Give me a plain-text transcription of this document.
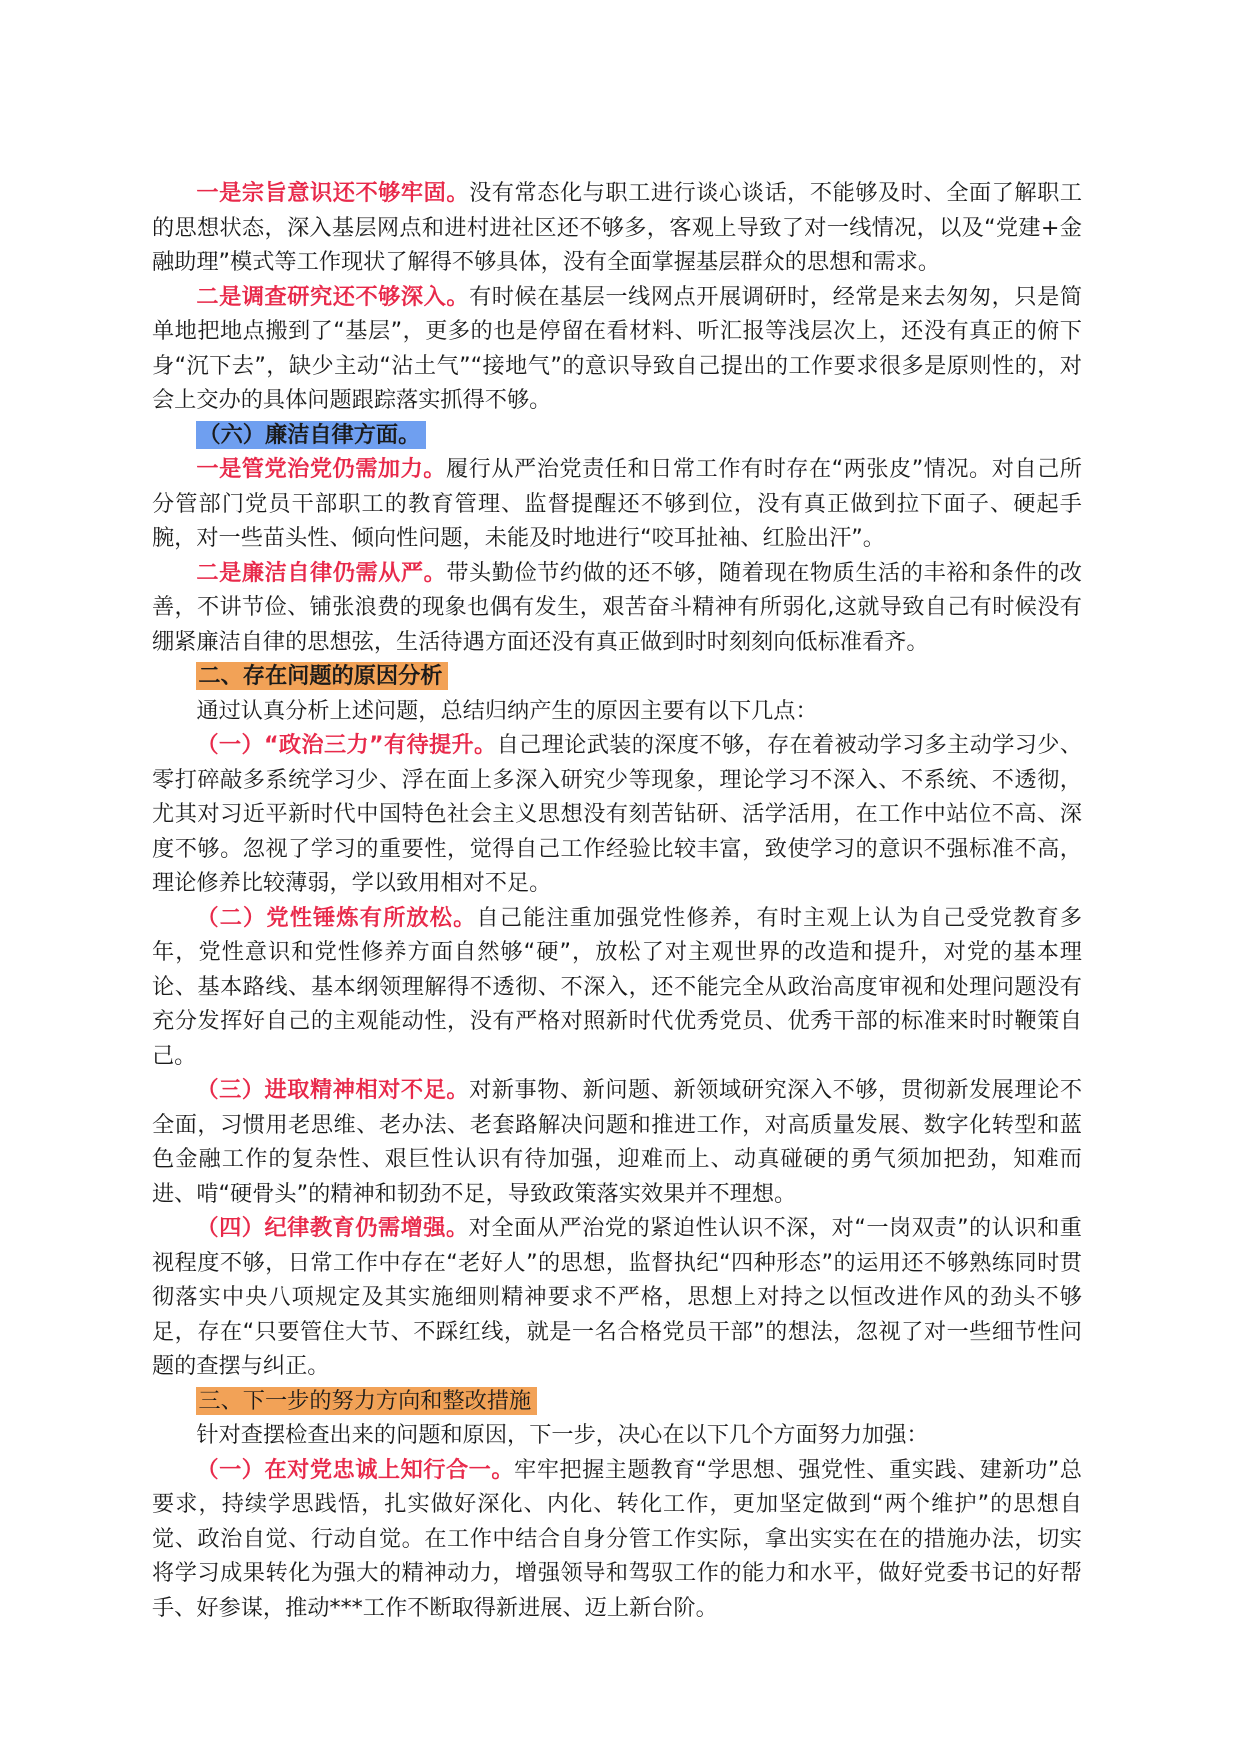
一是宗旨意识还不够牢固。没有常态化与职工进行谈心谈话，不能够及时、全面了解职工的思想状态，深入基层网点和进村进社区还不够多，客观上导致了对一线情况，以及“党建+金融助理”模式等工作现状了解得不够具体，没有全面掌握基层群众的思想和需求。

二是调查研究还不够深入。有时候在基层一线网点开展调研时，经常是来去匆匆，只是简单地把地点搬到了“基层”，更多的也是停留在看材料、听汇报等浅层次上，还没有真正的俯下身“沉下去”，缺少主动“沾土气”“接地气”的意识导致自己提出的工作要求很多是原则性的，对会上交办的具体问题跟踪落实抓得不够。

（六）廉洁自律方面。

一是管党治党仍需加力。履行从严治党责任和日常工作有时存在“两张皮”情况。对自己所分管部门党员干部职工的教育管理、监督提醒还不够到位，没有真正做到拉下面子、硬起手腕，对一些苗头性、倾向性问题，未能及时地进行“咬耳扯袖、红脸出汗”。

二是廉洁自律仍需从严。带头勤俭节约做的还不够，随着现在物质生活的丰裕和条件的改善，不讲节俭、铺张浪费的现象也偶有发生，艰苦奋斗精神有所弱化,这就导致自己有时候没有绷紧廉洁自律的思想弦，生活待遇方面还没有真正做到时时刻刻向低标准看齐。

二、存在问题的原因分析

通过认真分析上述问题，总结归纳产生的原因主要有以下几点：

（一）“政治三力”有待提升。自己理论武装的深度不够，存在着被动学习多主动学习少、零打碎敲多系统学习少、浮在面上多深入研究少等现象，理论学习不深入、不系统、不透彻，尤其对习近平新时代中国特色社会主义思想没有刻苦钻研、活学活用，在工作中站位不高、深度不够。忽视了学习的重要性，觉得自己工作经验比较丰富，致使学习的意识不强标准不高，理论修养比较薄弱，学以致用相对不足。

（二）党性锤炼有所放松。自己能注重加强党性修养，有时主观上认为自己受党教育多年，党性意识和党性修养方面自然够“硬”，放松了对主观世界的改造和提升，对党的基本理论、基本路线、基本纲领理解得不透彻、不深入，还不能完全从政治高度审视和处理问题没有充分发挥好自己的主观能动性，没有严格对照新时代优秀党员、优秀干部的标准来时时鞭策自己。

（三）进取精神相对不足。对新事物、新问题、新领域研究深入不够，贯彻新发展理论不全面，习惯用老思维、老办法、老套路解决问题和推进工作，对高质量发展、数字化转型和蓝色金融工作的复杂性、艰巨性认识有待加强，迎难而上、动真碰硬的勇气须加把劲，知难而进、啃“硬骨头”的精神和韧劲不足，导致政策落实效果并不理想。

（四）纪律教育仍需增强。对全面从严治党的紧迫性认识不深，对“一岗双责”的认识和重视程度不够，日常工作中存在“老好人”的思想，监督执纪“四种形态”的运用还不够熟练同时贯彻落实中央八项规定及其实施细则精神要求不严格，思想上对持之以恒改进作风的劲头不够足，存在“只要管住大节、不踩红线，就是一名合格党员干部”的想法，忽视了对一些细节性问题的查摆与纠正。

三、下一步的努力方向和整改措施

针对查摆检查出来的问题和原因，下一步，决心在以下几个方面努力加强：

（一）在对党忠诚上知行合一。牢牢把握主题教育“学思想、强党性、重实践、建新功”总要求，持续学思践悟，扎实做好深化、内化、转化工作，更加坚定做到“两个维护”的思想自觉、政治自觉、行动自觉。在工作中结合自身分管工作实际，拿出实实在在的措施办法，切实将学习成果转化为强大的精神动力，增强领导和驾驭工作的能力和水平，做好党委书记的好帮手、好参谋，推动***工作不断取得新进展、迈上新台阶。
